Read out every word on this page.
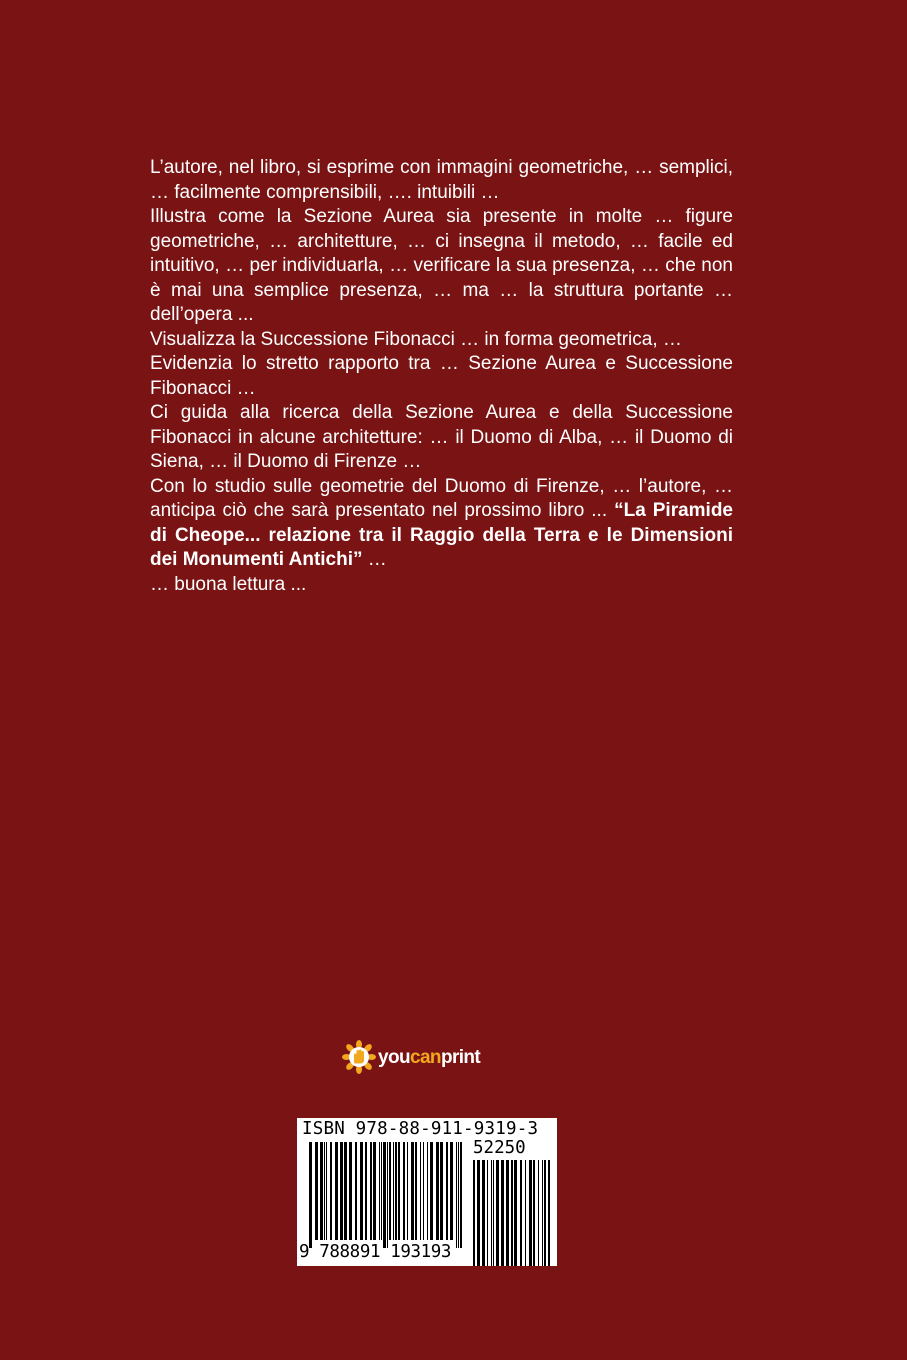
L’autore, nel libro, si esprime con immagini geometriche, … semplici, … facilmente comprensibili, …. intuibili …

Illustra come la Sezione Aurea sia presente in molte … figure geometriche, … architetture, … ci insegna il metodo, … facile ed intuitivo, … per individuarla, … verificare la sua presenza, … che non è mai una semplice presenza, … ma … la struttura portante … dell’opera ...

Visualizza la Successione Fibonacci … in forma geometrica, …

Evidenzia lo stretto rapporto tra … Sezione Aurea e Successione Fibonacci …

Ci guida alla ricerca della Sezione Aurea e della Successione Fibonacci in alcune architetture: … il Duomo di Alba, … il Duomo di Siena, … il Duomo di Firenze …

Con lo studio sulle geometrie del Duomo di Firenze, … l’autore, … anticipa ciò che sarà presentato nel prossimo libro ... “La Piramide di Cheope... relazione tra il Raggio della Terra e le Dimensioni dei Monumenti Antichi” …

… buona lettura ...

youcanprint
ISBN 978-88-911-9319-3
52250
9 788891 193193
